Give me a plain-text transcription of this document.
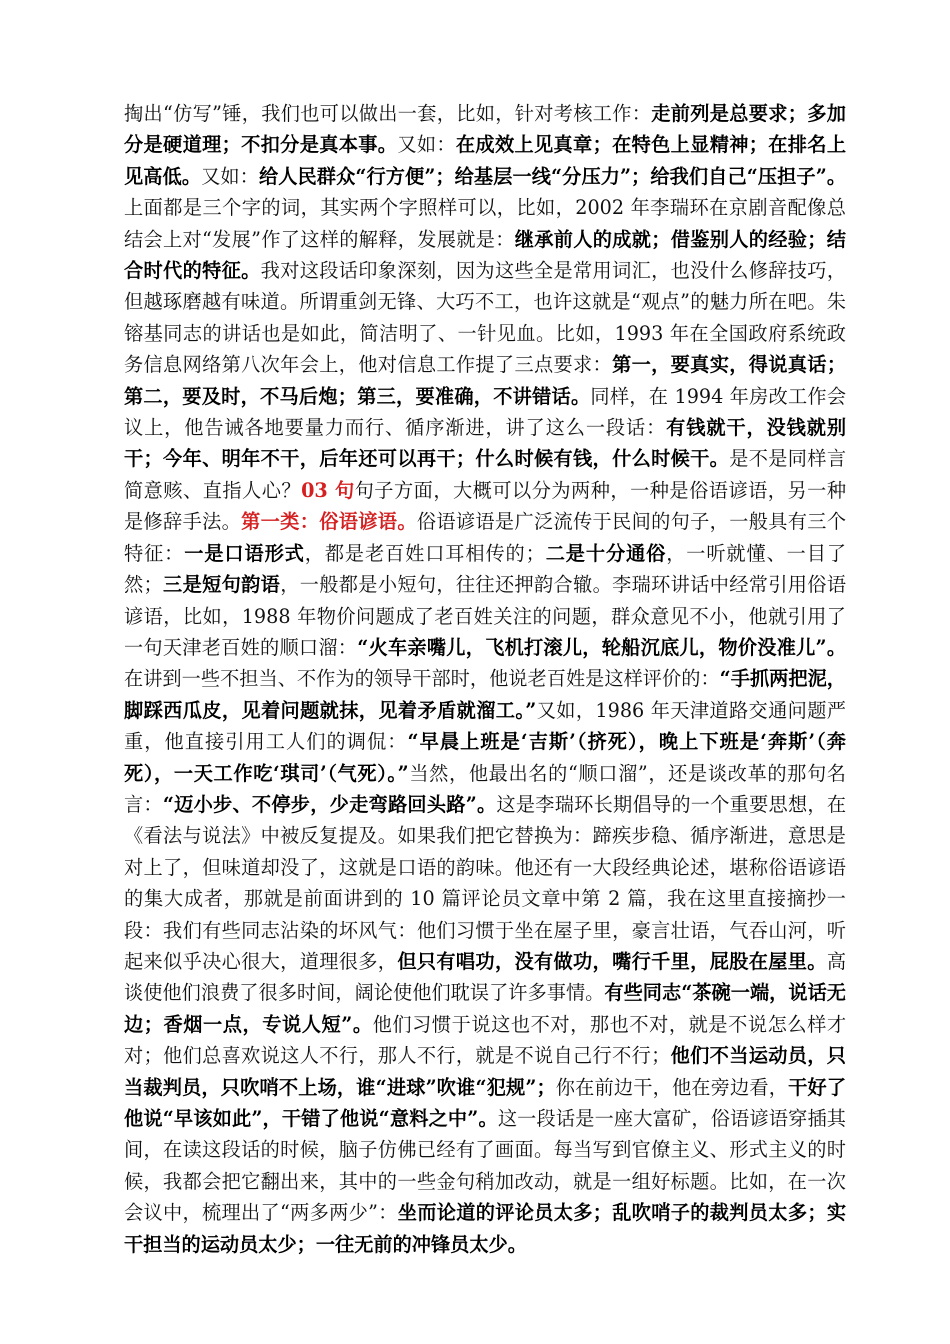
掏出“仿写”锤，我们也可以做出一套，比如，针对考核工作：走前列是总要求；多加分是硬道理；不扣分是真本事。又如：在成效上见真章；在特色上显精神；在排名上见高低。又如：给人民群众“行方便”；给基层一线“分压力”；给我们自己“压担子”。上面都是三个字的词，其实两个字照样可以，比如，2002 年李瑞环在京剧音配像总结会上对“发展”作了这样的解释，发展就是：继承前人的成就；借鉴别人的经验；结合时代的特征。我对这段话印象深刻，因为这些全是常用词汇，也没什么修辞技巧，但越琢磨越有味道。所谓重剑无锋、大巧不工，也许这就是“观点”的魅力所在吧。朱镕基同志的讲话也是如此，简洁明了、一针见血。比如，1993 年在全国政府系统政务信息网络第八次年会上，他对信息工作提了三点要求：第一，要真实，得说真话；第二，要及时，不马后炮；第三，要准确，不讲错话。同样，在 1994 年房改工作会议上，他告诫各地要量力而行、循序渐进，讲了这么一段话：有钱就干，没钱就别干；今年、明年不干，后年还可以再干；什么时候有钱，什么时候干。是不是同样言简意赅、直指人心？03 句句子方面，大概可以分为两种，一种是俗语谚语，另一种是修辞手法。第一类：俗语谚语。俗语谚语是广泛流传于民间的句子，一般具有三个特征：一是口语形式，都是老百姓口耳相传的；二是十分通俗，一听就懂、一目了然；三是短句韵语，一般都是小短句，往往还押韵合辙。李瑞环讲话中经常引用俗语谚语，比如，1988 年物价问题成了老百姓关注的问题，群众意见不小，他就引用了一句天津老百姓的顺口溜：“火车亲嘴儿，飞机打滚儿，轮船沉底儿，物价没准儿”。在讲到一些不担当、不作为的领导干部时，他说老百姓是这样评价的：“手抓两把泥，脚踩西瓜皮，见着问题就抹，见着矛盾就溜工。”又如，1986 年天津道路交通问题严重，他直接引用工人们的调侃：“早晨上班是‘吉斯’（挤死），晚上下班是‘奔斯’（奔死），一天工作吃‘琪司’（气死）。”当然，他最出名的“顺口溜”，还是谈改革的那句名言：“迈小步、不停步，少走弯路回头路”。这是李瑞环长期倡导的一个重要思想，在《看法与说法》中被反复提及。如果我们把它替换为：蹄疾步稳、循序渐进，意思是对上了，但味道却没了，这就是口语的韵味。他还有一大段经典论述，堪称俗语谚语的集大成者，那就是前面讲到的 10 篇评论员文章中第 2 篇，我在这里直接摘抄一段：我们有些同志沾染的坏风气：他们习惯于坐在屋子里，豪言壮语，气吞山河，听起来似乎决心很大，道理很多，但只有唱功，没有做功，嘴行千里，屁股在屋里。高谈使他们浪费了很多时间，阔论使他们耽误了许多事情。有些同志“茶碗一端，说话无边；香烟一点，专说人短”。他们习惯于说这也不对，那也不对，就是不说怎么样才对；他们总喜欢说这人不行，那人不行，就是不说自己行不行；他们不当运动员，只当裁判员，只吹哨不上场，谁“进球”吹谁“犯规”；你在前边干，他在旁边看，干好了他说“早该如此”，干错了他说“意料之中”。这一段话是一座大富矿，俗语谚语穿插其间，在读这段话的时候，脑子仿佛已经有了画面。每当写到官僚主义、形式主义的时候，我都会把它翻出来，其中的一些金句稍加改动，就是一组好标题。比如，在一次会议中，梳理出了“两多两少”：坐而论道的评论员太多；乱吹哨子的裁判员太多；实干担当的运动员太少；一往无前的冲锋员太少。
